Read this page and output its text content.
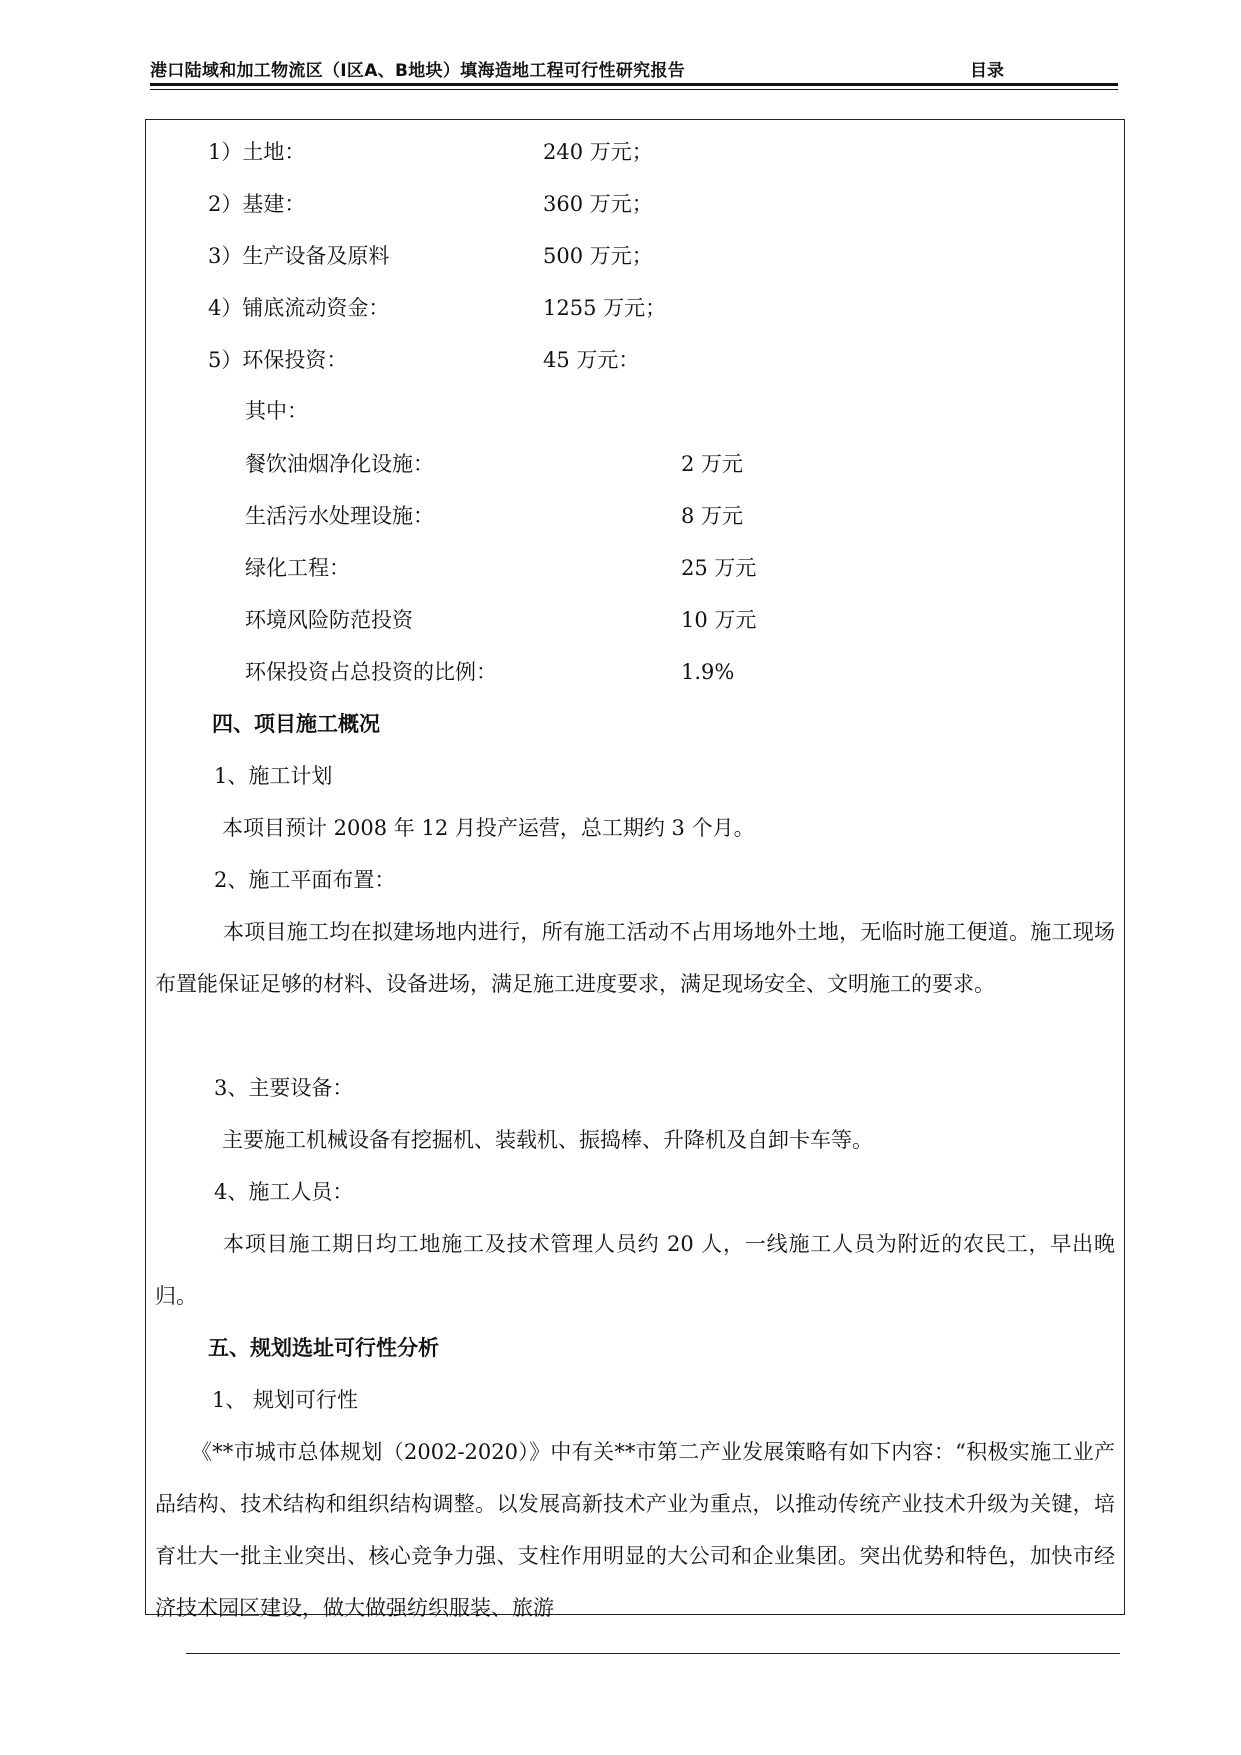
港口陆域和加工物流区（Ⅰ区A、B地块）填海造地工程可行性研究报告	目录
1）土地：	240 万元；
2）基建：	360 万元；
3）生产设备及原料	500 万元；
4）铺底流动资金：	1255 万元；
5）环保投资：	45 万元：
其中：
餐饮油烟净化设施：	2 万元
生活污水处理设施：	8 万元
绿化工程：	25 万元
环境风险防范投资	10 万元
环保投资占总投资的比例：	1.9%
四、项目施工概况
1、施工计划
本项目预计 2008 年 12 月投产运营，总工期约 3 个月。
2、施工平面布置：
本项目施工均在拟建场地内进行，所有施工活动不占用场地外土地，无临时施工便道。施工现场布置能保证足够的材料、设备进场，满足施工进度要求，满足现场安全、文明施工的要求。
3、主要设备：
主要施工机械设备有挖掘机、装载机、振捣棒、升降机及自卸卡车等。
4、施工人员：
本项目施工期日均工地施工及技术管理人员约 20 人，一线施工人员为附近的农民工，早出晚归。
五、规划选址可行性分析
1、 规划可行性
《**市城市总体规划（2002-2020）》中有关**市第二产业发展策略有如下内容：“积极实施工业产品结构、技术结构和组织结构调整。以发展高新技术产业为重点，以推动传统产业技术升级为关键，培育壮大一批主业突出、核心竞争力强、支柱作用明显的大公司和企业集团。突出优势和特色，加快市经济技术园区建设，做大做强纺织服装、旅游
